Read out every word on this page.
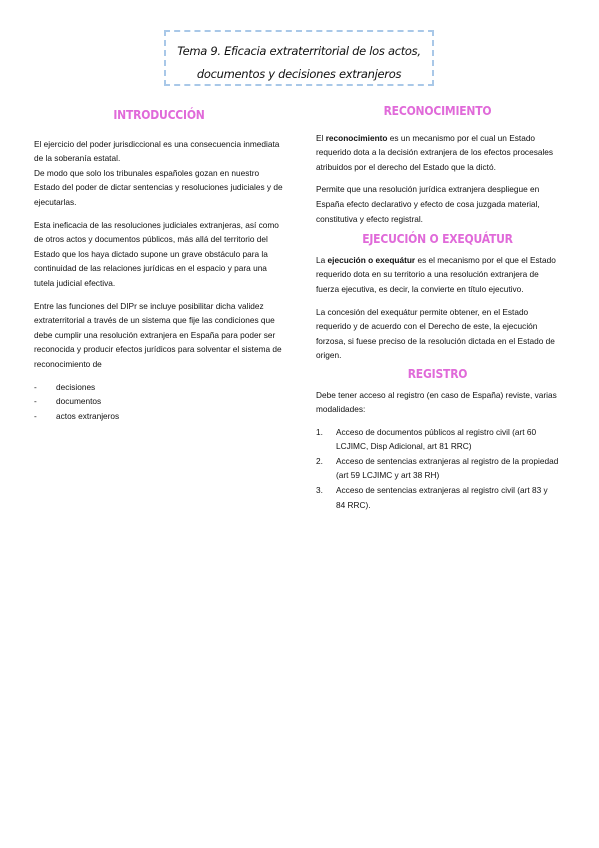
Tema 9. Eficacia extraterritorial de los actos,
documentos y decisiones extranjeros
INTRODUCCIÓN

El ejercicio del poder jurisdiccional es una consecuencia inmediata de la soberanía estatal.

De modo que solo los tribunales españoles gozan en nuestro Estado del poder de dictar sentencias y resoluciones judiciales y de ejecutarlas.

Esta ineficacia de las resoluciones judiciales extranjeras, así como de otros actos y documentos públicos, más allá del territorio del Estado que los haya dictado supone un grave obstáculo para la continuidad de las relaciones jurídicas en el espacio y para una tutela judicial efectiva.

Entre las funciones del DIPr se incluye posibilitar dicha validez extraterritorial a través de un sistema que fije las condiciones que debe cumplir una resolución extranjera en España para poder ser reconocida y producir efectos jurídicos para solventar el sistema de reconocimiento de

- decisiones
- documentos
- actos extranjeros
RECONOCIMIENTO

El reconocimiento es un mecanismo por el cual un Estado requerido dota a la decisión extranjera de los efectos procesales atribuidos por el derecho del Estado que la dictó.

Permite que una resolución jurídica extranjera despliegue en España efecto declarativo y efecto de cosa juzgada material, constitutiva y efecto registral.

EJECUCIÓN O EXEQUÁTUR

La ejecución o exequátur es el mecanismo por el que el Estado requerido dota en su territorio a una resolución extranjera de fuerza ejecutiva, es decir, la convierte en título ejecutivo.

La concesión del exequátur permite obtener, en el Estado requerido y de acuerdo con el Derecho de este, la ejecución forzosa, si fuese preciso de la resolución dictada en el Estado de origen.

REGISTRO

Debe tener acceso al registro (en caso de España) reviste, varias modalidades:

1.	Acceso de documentos públicos al registro civil (art 60 LCJIMC, Disp Adicional, art 81 RRC)
2.	Acceso de sentencias extranjeras al registro de la propiedad (art 59 LCJIMC y art 38 RH)
3.	Acceso de sentencias extranjeras al registro civil (art 83 y 84 RRC).
